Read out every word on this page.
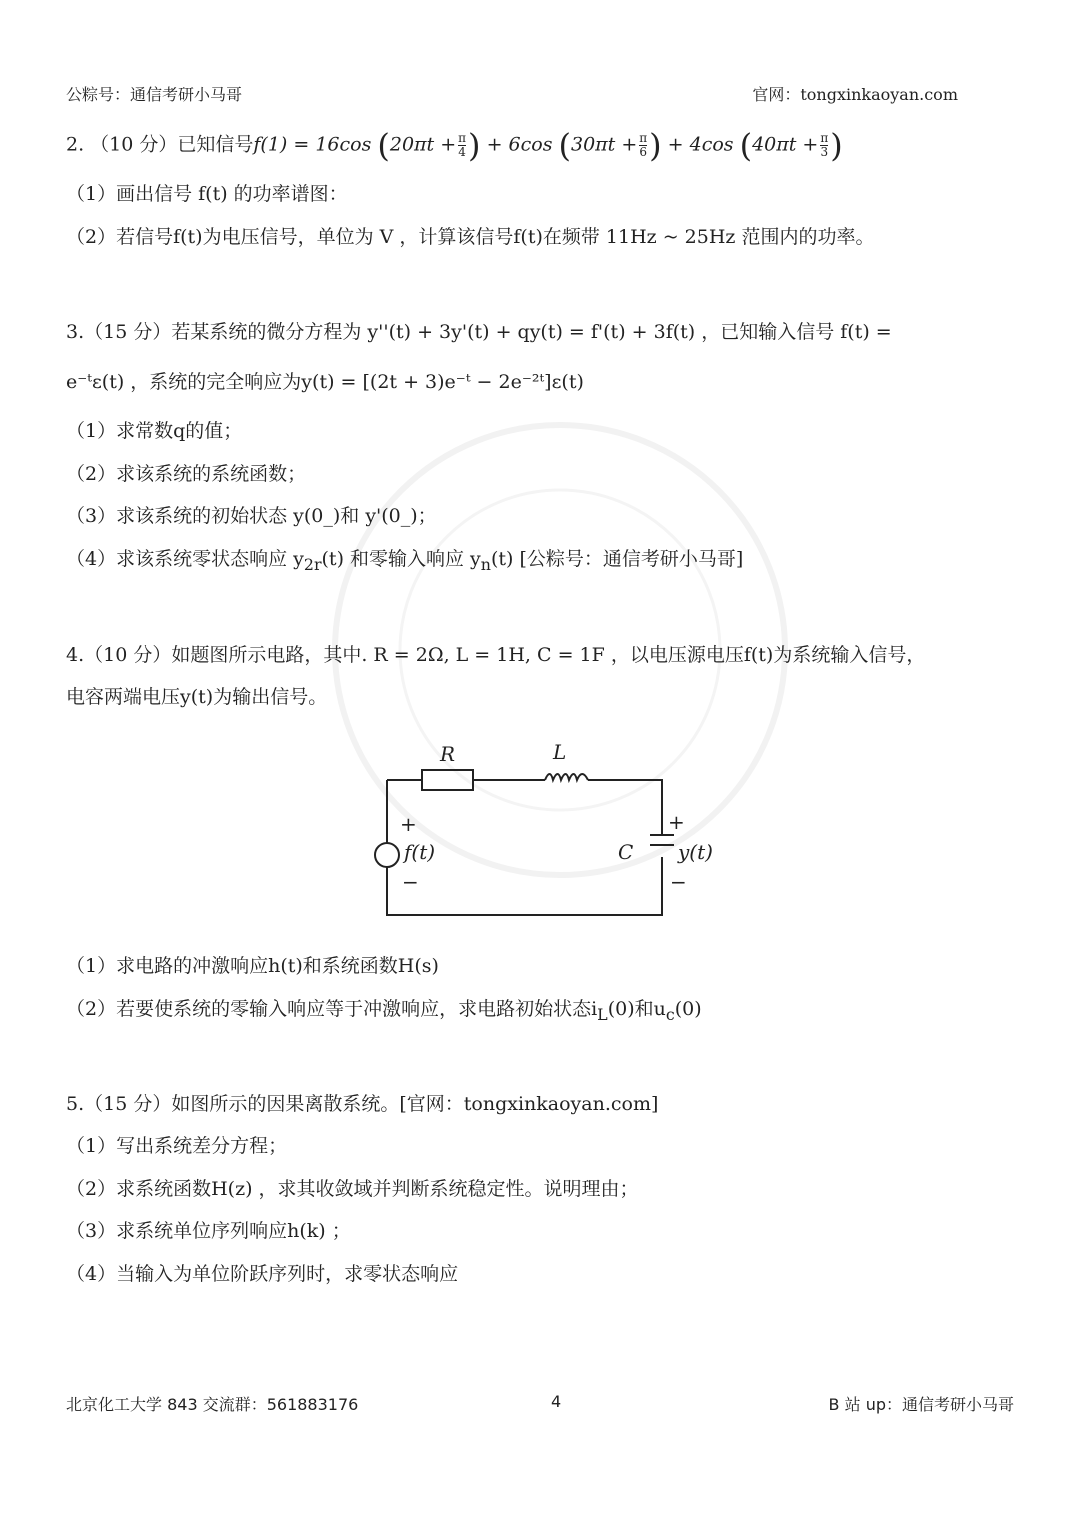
公粽号：通信考研小马哥	官网：tongxinkaoyan.com
2. （10 分）已知信号f(1) = 16cos ($20\pi t + \frac{\pi}{4}$ ) + 6cos ($30\pi t + \frac{\pi}{6}$ ) + 4cos ($40\pi t + \frac{\pi}{3}$ )
（1）画出信号 f(t) 的功率谱图：
（2）若信号f(t)为电压信号，单位为 V ，计算该信号f(t)在频带 11Hz ~ 25Hz 范围内的功率。
3.（15 分）若某系统的微分方程为 y''(t) + 3y'(t) + qy(t) = f'(t) + 3f(t) ，已知输入信号 f(t) =
e⁻ᵗε(t) ，系统的完全响应为y(t) = [(2t + 3)e⁻ᵗ − 2e⁻²ᵗ]ε(t)
（1）求常数q的值；
（2）求该系统的系统函数；
（3）求该系统的初始状态 y(0_)和 y'(0_)；
（4）求该系统零状态响应 $y_{2r}(t)$ 和零输入响应 $y_n(t)$ [公粽号：通信考研小马哥]
4.（10 分）如题图所示电路，其中. R = 2Ω, L = 1H, C = 1F ，以电压源电压f(t)为系统输入信号，
电容两端电压y(t)为输出信号。
R	L
C
f(t)	y(t)
+
−
+
−
（1）求电路的冲激响应h(t)和系统函数H(s)
（2）若要使系统的零输入响应等于冲激响应，求电路初始状态$i_L(0)$和$u_c(0)$
5.（15 分）如图所示的因果离散系统。[官网：tongxinkaoyan.com]
（1）写出系统差分方程；
（2）求系统函数H(z) ，求其收敛域并判断系统稳定性。说明理由；
（3）求系统单位序列响应h(k) ；
（4）当输入为单位阶跃序列时，求零状态响应
北京化工大学 843 交流群：561883176	4	B 站 up：通信考研小马哥
